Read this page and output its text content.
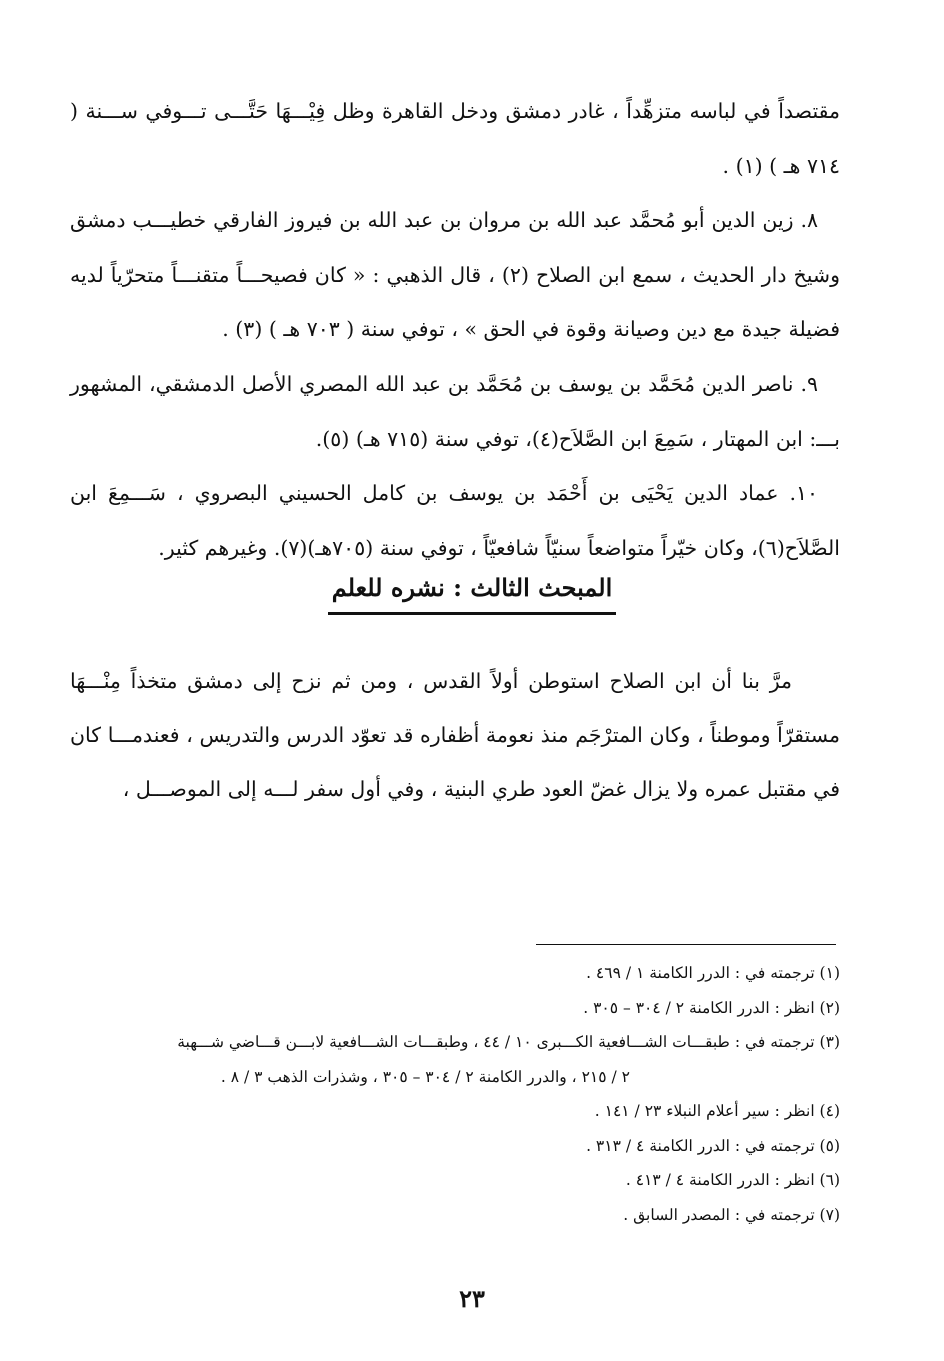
مقتصداً في لباسه متزهِّداً ، غادر دمشق ودخل القاهرة وظل فِيْـــهَا حَتَّـــى تـــوفي ســـنة ( ٧١٤ هـ ) (١) .

٨. زين الدين أبو مُحمَّد عبد الله بن مروان بن عبد الله بن فيروز الفارقي خطيـــب دمشق وشيخ دار الحديث ، سمع ابن الصلاح (٢) ، قال الذهبي : « كان فصيحـــاً متقنـــاً متحرّياً لديه فضيلة جيدة مع دين وصيانة وقوة في الحق » ، توفي سنة ( ٧٠٣ هـ ) (٣) .

٩. ناصر الدين مُحَمَّد بن يوسف بن مُحَمَّد بن عبد الله المصري الأصل الدمشقي، المشهور بـــ: ابن المهتار ، سَمِعَ ابن الصَّلاَح(٤)، توفي سنة (٧١٥ هـ) (٥).

١٠. عماد الدين يَحْيَى بن أَحْمَد بن يوسف بن كامل الحسيني البصروي ، سَـــمِعَ ابن الصَّلاَح(٦)، وكان خيّراً متواضعاً سنيّاً شافعيّاً ، توفي سنة (٧٠٥هـ)(٧). وغيرهم كثير.

المبحث الثالث : نشره للعلم

مرَّ بنا أن ابن الصلاح استوطن أولاً القدس ، ومن ثم نزح إلى دمشق متخذاً مِنْـــهَا مستقرّاً وموطناً ، وكان المترْجَم منذ نعومة أظفاره قد تعوّد الدرس والتدريس ، فعندمـــا كان في مقتبل عمره ولا يزال غضّ العود طري البنية ، وفي أول سفر لـــه إلى الموصـــل ،

(١) ترجمته في : الدرر الكامنة ١ / ٤٦٩ .
(٢) انظر : الدرر الكامنة ٢ / ٣٠٤ – ٣٠٥ .
(٣) ترجمته في : طبقـــات الشـــافعية الكـــبرى ١٠ / ٤٤ ، وطبقـــات الشـــافعية لابـــن قـــاضي شـــهبة
٢ / ٢١٥ ، والدرر الكامنة ٢ / ٣٠٤ – ٣٠٥ ، وشذرات الذهب ٣ / ٨ .
(٤) انظر : سير أعلام النبلاء ٢٣ / ١٤١ .
(٥) ترجمته في : الدرر الكامنة ٤ / ٣١٣ .
(٦) انظر : الدرر الكامنة ٤ / ٤١٣ .
(٧) ترجمته في : المصدر السابق .
٢٣
